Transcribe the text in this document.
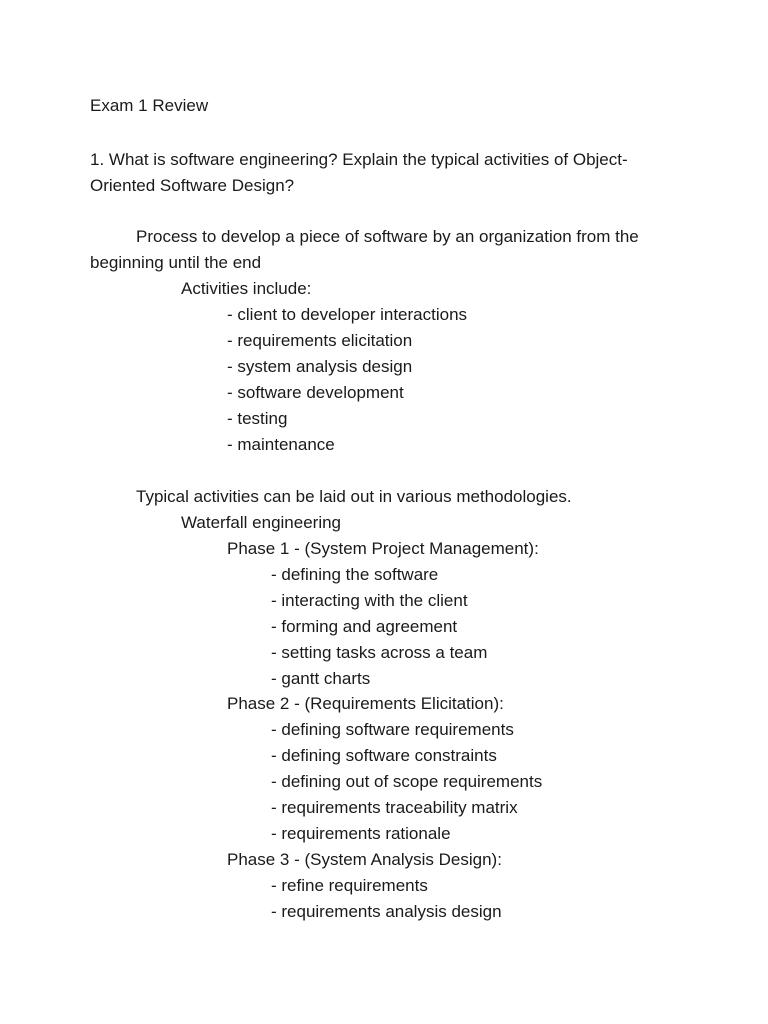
Exam 1 Review

1. What is software engineering? Explain the typical activities of Object-

Oriented Software Design?

Process to develop a piece of software by an organization from the

beginning until the end

Activities include:

- client to developer interactions

- requirements elicitation

- system analysis design

- software development

- testing

- maintenance

Typical activities can be laid out in various methodologies.

Waterfall engineering

Phase 1 - (System Project Management):

- defining the software

- interacting with the client

- forming and agreement

- setting tasks across a team

- gantt charts

Phase 2 - (Requirements Elicitation):

- defining software requirements

- defining software constraints

- defining out of scope requirements

- requirements traceability matrix

- requirements rationale

Phase 3 - (System Analysis Design):

- refine requirements

- requirements analysis design
